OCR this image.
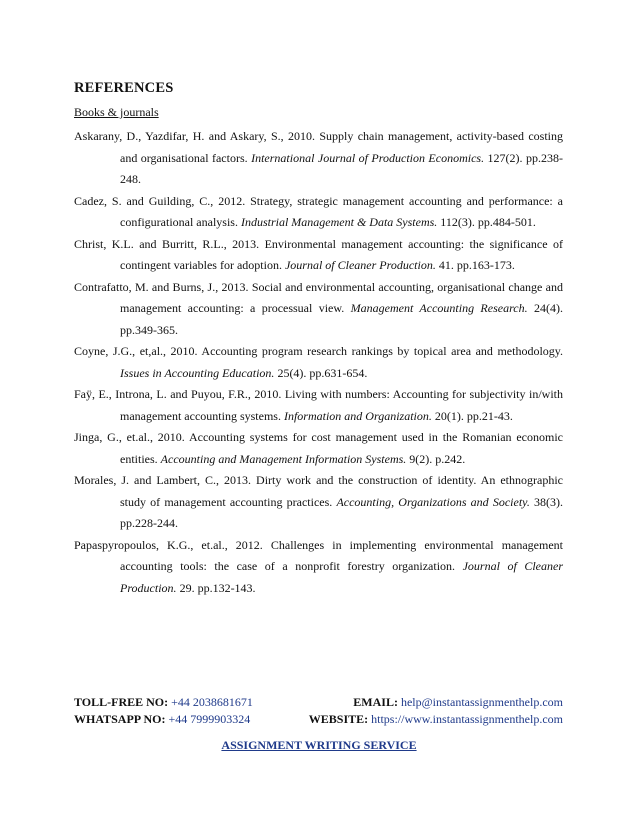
REFERENCES
Books & journals

Askarany, D., Yazdifar, H. and Askary, S., 2010. Supply chain management, activity-based costing and organisational factors. International Journal of Production Economics. 127(2). pp.238-248.

Cadez, S. and Guilding, C., 2012. Strategy, strategic management accounting and performance: a configurational analysis. Industrial Management & Data Systems. 112(3). pp.484-501.

Christ, K.L. and Burritt, R.L., 2013. Environmental management accounting: the significance of contingent variables for adoption. Journal of Cleaner Production. 41. pp.163-173.

Contrafatto, M. and Burns, J., 2013. Social and environmental accounting, organisational change and management accounting: a processual view. Management Accounting Research. 24(4). pp.349-365.

Coyne, J.G., et,al., 2010. Accounting program research rankings by topical area and methodology. Issues in Accounting Education. 25(4). pp.631-654.

Faÿ, E., Introna, L. and Puyou, F.R., 2010. Living with numbers: Accounting for subjectivity in/with management accounting systems. Information and Organization. 20(1). pp.21-43.

Jinga, G., et.al., 2010. Accounting systems for cost management used in the Romanian economic entities. Accounting and Management Information Systems. 9(2). p.242.

Morales, J. and Lambert, C., 2013. Dirty work and the construction of identity. An ethnographic study of management accounting practices. Accounting, Organizations and Society. 38(3). pp.228-244.

Papaspyropoulos, K.G., et.al., 2012. Challenges in implementing environmental management accounting tools: the case of a nonprofit forestry organization. Journal of Cleaner Production. 29. pp.132-143.

TOLL-FREE NO: +44 2038681671	EMAIL: help@instantassignmenthelp.com
WHATSAPP NO: +44 7999903324	WEBSITE: https://www.instantassignmenthelp.com
ASSIGNMENT WRITING SERVICE
